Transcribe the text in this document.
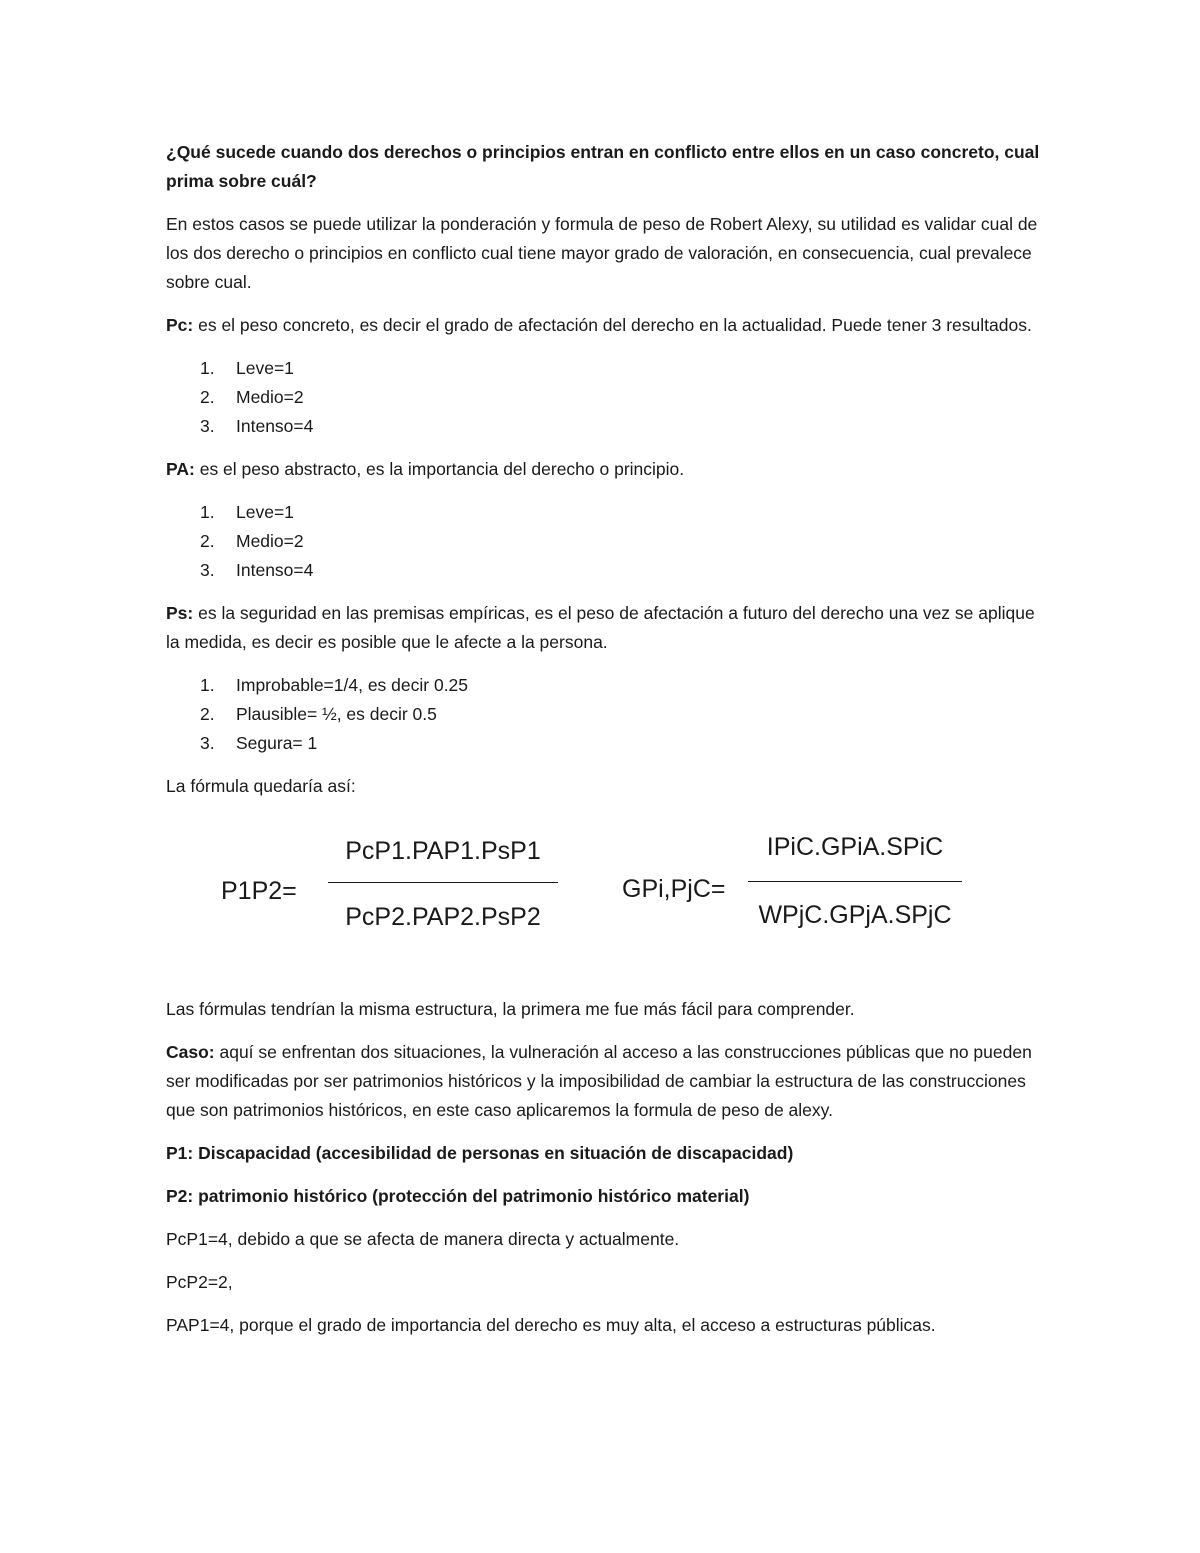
¿Qué sucede cuando dos derechos o principios entran en conflicto entre ellos en un caso concreto, cual prima sobre cuál?

En estos casos se puede utilizar la ponderación y formula de peso de Robert Alexy, su utilidad es validar cual de los dos derecho o principios en conflicto cual tiene mayor grado de valoración, en consecuencia, cual prevalece sobre cual.

Pc: es el peso concreto, es decir el grado de afectación del derecho en la actualidad. Puede tener 3 resultados.

1. Leve=1
2. Medio=2
3. Intenso=4

PA: es el peso abstracto, es la importancia del derecho o principio.

1. Leve=1
2. Medio=2
3. Intenso=4

Ps: es la seguridad en las premisas empíricas, es el peso de afectación a futuro del derecho una vez se aplique la medida, es decir es posible que le afecte a la persona.

1. Improbable=1/4, es decir 0.25
2. Plausible= ½, es decir 0.5
3. Segura= 1

La fórmula quedaría así:

P1P2=
PcP1.PAP1.PsP1
PcP2.PAP2.PsP2
GPi,PjC=
IPiC.GPiA.SPiC
WPjC.GPjA.SPjC

Las fórmulas tendrían la misma estructura, la primera me fue más fácil para comprender.

Caso: aquí se enfrentan dos situaciones, la vulneración al acceso a las construcciones públicas que no pueden ser modificadas por ser patrimonios históricos y la imposibilidad de cambiar la estructura de las construcciones que son patrimonios históricos, en este caso aplicaremos la formula de peso de alexy.

P1: Discapacidad (accesibilidad de personas en situación de discapacidad)

P2: patrimonio histórico (protección del patrimonio histórico material)

PcP1=4, debido a que se afecta de manera directa y actualmente.

PcP2=2,

PAP1=4, porque el grado de importancia del derecho es muy alta, el acceso a estructuras públicas.
